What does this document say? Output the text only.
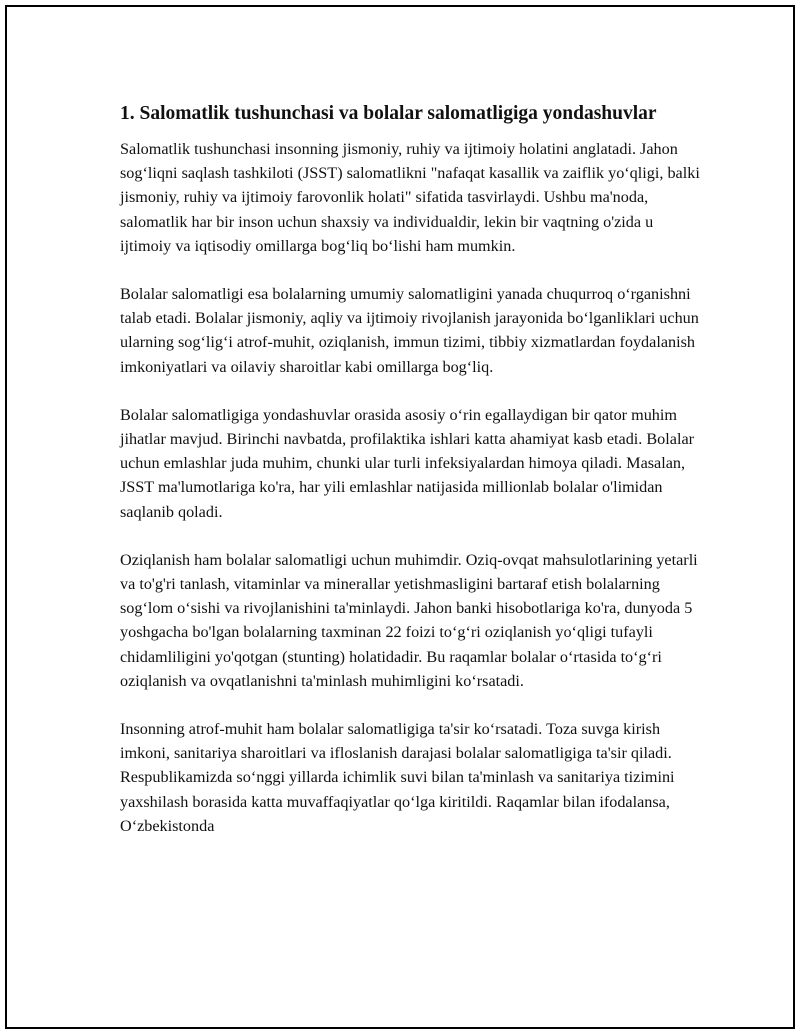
1. Salomatlik tushunchasi va bolalar salomatligiga yondashuvlar

Salomatlik tushunchasi insonning jismoniy, ruhiy va ijtimoiy holatini anglatadi. Jahon sog‘liqni saqlash tashkiloti (JSST) salomatlikni "nafaqat kasallik va zaiflik yo‘qligi, balki jismoniy, ruhiy va ijtimoiy farovonlik holati" sifatida tasvirlaydi. Ushbu ma'noda, salomatlik har bir inson uchun shaxsiy va individualdir, lekin bir vaqtning o'zida u ijtimoiy va iqtisodiy omillarga bog‘liq bo‘lishi ham mumkin.

Bolalar salomatligi esa bolalarning umumiy salomatligini yanada chuqurroq o‘rganishni talab etadi. Bolalar jismoniy, aqliy va ijtimoiy rivojlanish jarayonida bo‘lganliklari uchun ularning sog‘lig‘i atrof-muhit, oziqlanish, immun tizimi, tibbiy xizmatlardan foydalanish imkoniyatlari va oilaviy sharoitlar kabi omillarga bog‘liq.

Bolalar salomatligiga yondashuvlar orasida asosiy o‘rin egallaydigan bir qator muhim jihatlar mavjud. Birinchi navbatda, profilaktika ishlari katta ahamiyat kasb etadi. Bolalar uchun emlashlar juda muhim, chunki ular turli infeksiyalardan himoya qiladi. Masalan, JSST ma'lumotlariga ko'ra, har yili emlashlar natijasida millionlab bolalar o'limidan saqlanib qoladi.

Oziqlanish ham bolalar salomatligi uchun muhimdir. Oziq-ovqat mahsulotlarining yetarli va to'g'ri tanlash, vitaminlar va minerallar yetishmasligini bartaraf etish bolalarning sog‘lom o‘sishi va rivojlanishini ta'minlaydi. Jahon banki hisobotlariga ko'ra, dunyoda 5 yoshgacha bo'lgan bolalarning taxminan 22 foizi to‘g‘ri oziqlanish yo‘qligi tufayli chidamliligini yo'qotgan (stunting) holatidadir. Bu raqamlar bolalar o‘rtasida to‘g‘ri oziqlanish va ovqatlanishni ta'minlash muhimligini ko‘rsatadi.

Insonning atrof-muhit ham bolalar salomatligiga ta'sir ko‘rsatadi. Toza suvga kirish imkoni, sanitariya sharoitlari va ifloslanish darajasi bolalar salomatligiga ta'sir qiladi. Respublikamizda so‘nggi yillarda ichimlik suvi bilan ta'minlash va sanitariya tizimini yaxshilash borasida katta muvaffaqiyatlar qo‘lga kiritildi. Raqamlar bilan ifodalansa, O‘zbekistonda
